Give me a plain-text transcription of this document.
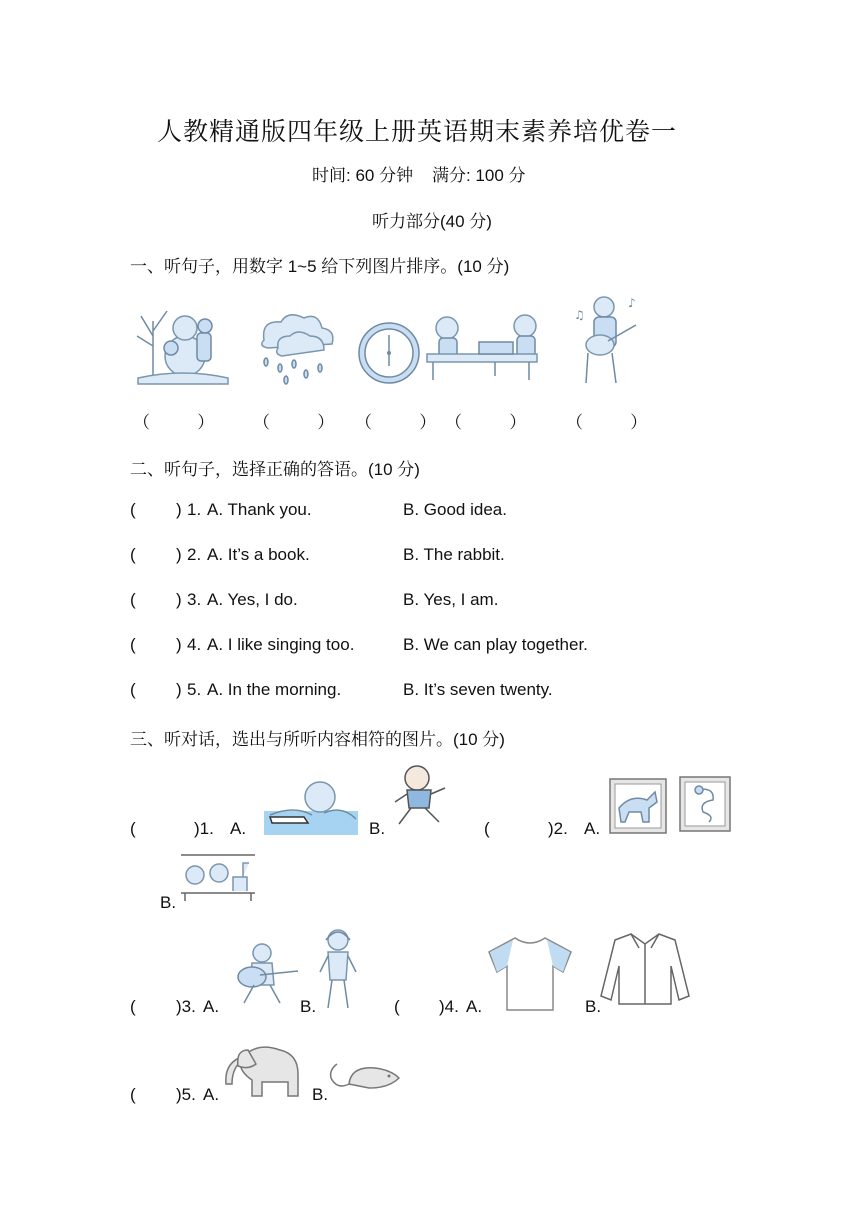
人教精通版四年级上册英语期末素养培优卷一
时间: 60 分钟    满分: 100 分
听力部分(40 分)
一、听句子，用数字 1~5 给下列图片排序。(10 分)
♪
♫
（          ） （          ） （          ） （          ） （          ）
二、听句子，选择正确的答语。(10 分)
( ) 1. A. Thank you.	B. Good idea.
( ) 2. A. It’s a book.	B. The rabbit.
( ) 3. A. Yes, I do.	B. Yes, I am.
( ) 4. A. I like singing too.	B. We can play together.
( ) 5. A. In the morning.	B. It’s seven twenty.
三、听对话，选出与所听内容相符的图片。(10 分)
(	)1. A.	B.	(	)2. A.
B.
( )3. A.	B.	( )4. A.	B.
( )5. A.	B.
